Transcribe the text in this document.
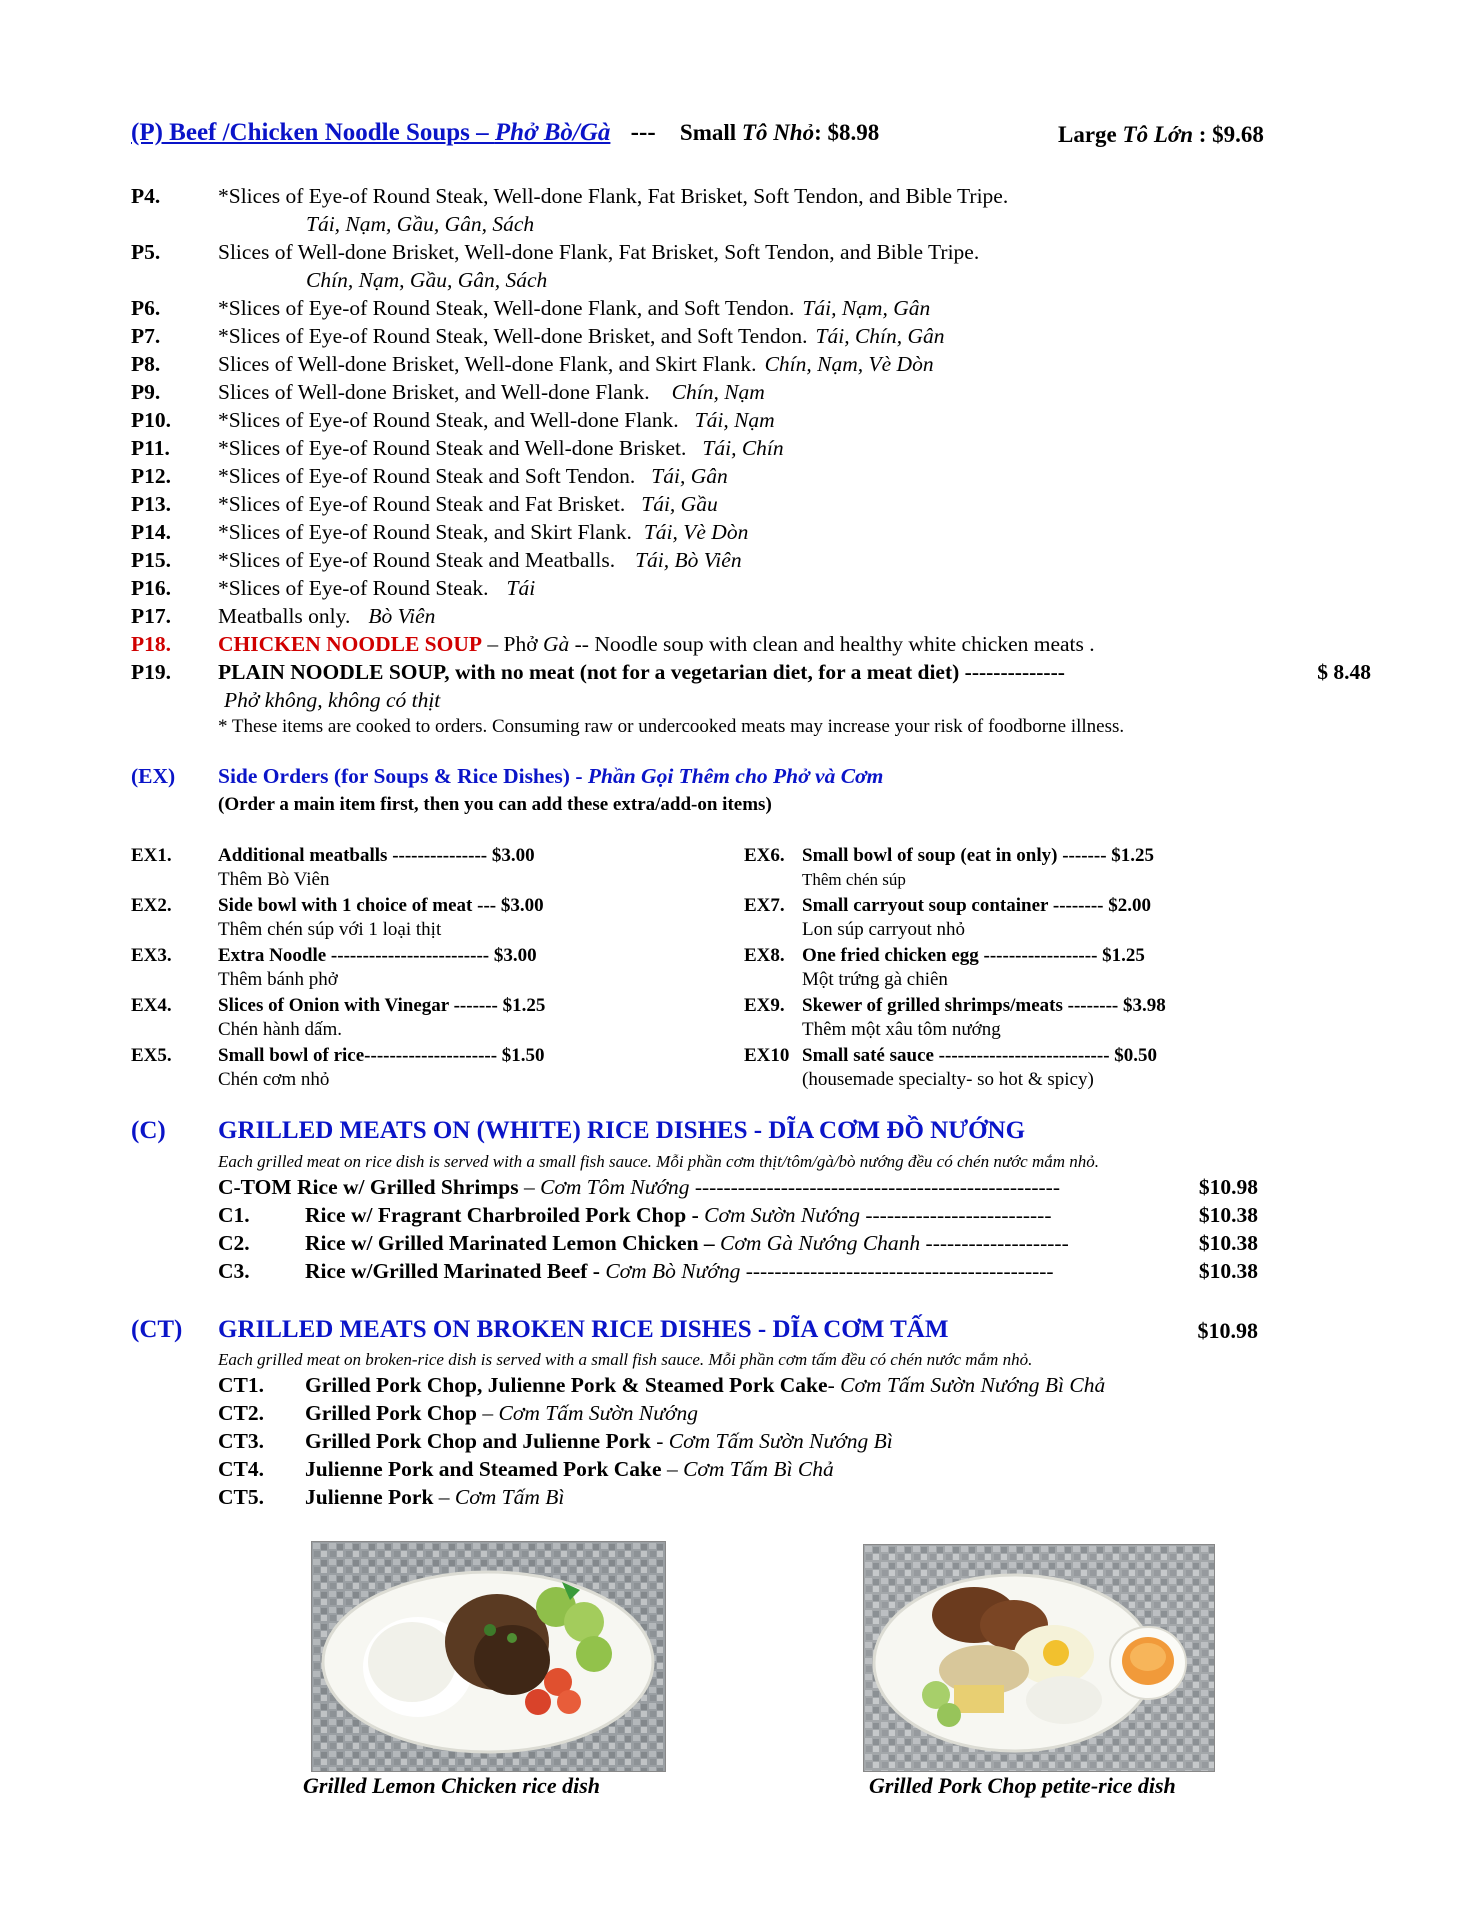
(P) Beef /Chicken Noodle Soups – Phở Bò/Gà --- Small Tô Nhỏ: $8.98	Large Tô Lớn : $9.68
P4.	*Slices of Eye-of Round Steak, Well-done Flank, Fat Brisket, Soft Tendon, and Bible Tripe.
Tái, Nạm, Gầu, Gân, Sách
P5.	Slices of Well-done Brisket, Well-done Flank, Fat Brisket, Soft Tendon, and Bible Tripe.
Chín, Nạm, Gầu, Gân, Sách
P6.	*Slices of Eye-of Round Steak, Well-done Flank, and Soft Tendon. Tái, Nạm, Gân
P7.	*Slices of Eye-of Round Steak, Well-done Brisket, and Soft Tendon. Tái, Chín, Gân
P8.	Slices of Well-done Brisket, Well-done Flank, and Skirt Flank. Chín, Nạm, Vè Dòn
P9.	Slices of Well-done Brisket, and Well-done Flank. Chín, Nạm
P10.	*Slices of Eye-of Round Steak, and Well-done Flank. Tái, Nạm
P11.	*Slices of Eye-of Round Steak and Well-done Brisket. Tái, Chín
P12.	*Slices of Eye-of Round Steak and Soft Tendon. Tái, Gân
P13.	*Slices of Eye-of Round Steak and Fat Brisket. Tái, Gầu
P14.	*Slices of Eye-of Round Steak, and Skirt Flank. Tái, Vè Dòn
P15.	*Slices of Eye-of Round Steak and Meatballs. Tái, Bò Viên
P16.	*Slices of Eye-of Round Steak. Tái
P17.	Meatballs only. Bò Viên
P18.	CHICKEN NOODLE SOUP – Phở Gà -- Noodle soup with clean and healthy white chicken meats .
P19.	PLAIN NOODLE SOUP, with no meat (not for a vegetarian diet, for a meat diet) --------------	$ 8.48
Phở không, không có thịt
* These items are cooked to orders. Consuming raw or undercooked meats may increase your risk of foodborne illness.
(EX) Side Orders (for Soups & Rice Dishes) - Phần Gọi Thêm cho Phở và Cơm
(Order a main item first, then you can add these extra/add-on items)
EX1. Additional meatballs --------------- $3.00
Thêm Bò Viên
EX2. Side bowl with 1 choice of meat --- $3.00
Thêm chén súp với 1 loại thịt
EX3. Extra Noodle ------------------------- $3.00
Thêm bánh phở
EX4. Slices of Onion with Vinegar ------- $1.25
Chén hành dấm.
EX5. Small bowl of rice--------------------- $1.50
Chén cơm nhỏ
EX6. Small bowl of soup (eat in only) ------- $1.25
Thêm chén súp
EX7. Small carryout soup container -------- $2.00
Lon súp carryout nhỏ
EX8. One fried chicken egg ------------------ $1.25
Một trứng gà chiên
EX9. Skewer of grilled shrimps/meats -------- $3.98
Thêm một xâu tôm nướng
EX10 Small saté sauce --------------------------- $0.50
(housemade specialty- so hot & spicy)
(C) GRILLED MEATS ON (WHITE) RICE DISHES - DĨA CƠM ĐỒ NƯỚNG
Each grilled meat on rice dish is served with a small fish sauce. Mỗi phần cơm thịt/tôm/gà/bò nướng đều có chén nước mắm nhỏ.
C-TOM Rice w/ Grilled Shrimps – Cơm Tôm Nướng ---------------------------------------------------	$10.98
C1.	Rice w/ Fragrant Charbroiled Pork Chop - Cơm Sườn Nướng --------------------------	$10.38
C2.	Rice w/ Grilled Marinated Lemon Chicken – Cơm Gà Nướng Chanh --------------------	$10.38
C3.	Rice w/Grilled Marinated Beef - Cơm Bò Nướng -------------------------------------------	$10.38
(CT) GRILLED MEATS ON BROKEN RICE DISHES - DĨA CƠM TẤM	$10.98
Each grilled meat on broken-rice dish is served with a small fish sauce. Mỗi phần cơm tấm đều có chén nước mắm nhỏ.
CT1. Grilled Pork Chop, Julienne Pork & Steamed Pork Cake- Cơm Tấm Sườn Nướng Bì Chả
CT2. Grilled Pork Chop – Cơm Tấm Sườn Nướng
CT3. Grilled Pork Chop and Julienne Pork - Cơm Tấm Sườn Nướng Bì
CT4. Julienne Pork and Steamed Pork Cake – Cơm Tấm Bì Chả
CT5. Julienne Pork – Cơm Tấm Bì
Grilled Lemon Chicken rice dish	Grilled Pork Chop petite-rice dish
